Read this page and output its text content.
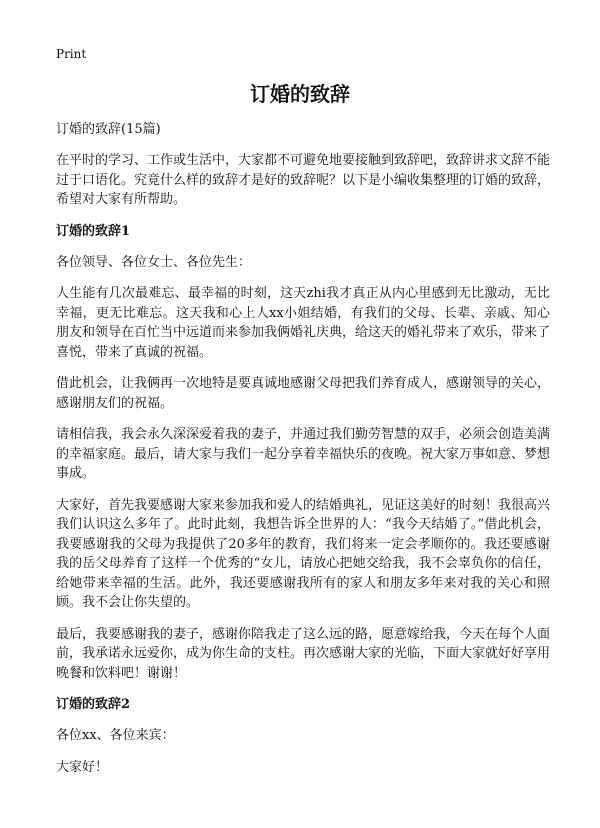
Print
订婚的致辞
订婚的致辞(15篇)

在平时的学习、工作或生活中，大家都不可避免地要接触到致辞吧，致辞讲求文辞不能过于口语化。究竟什么样的致辞才是好的致辞呢？以下是小编收集整理的订婚的致辞，希望对大家有所帮助。

订婚的致辞1

各位领导、各位女士、各位先生：

人生能有几次最难忘、最幸福的时刻，这天zhi我才真正从内心里感到无比激动，无比幸福，更无比难忘。这天我和心上人xx小姐结婚，有我们的父母、长辈、亲戚、知心朋友和领导在百忙当中远道而来参加我俩婚礼庆典，给这天的婚礼带来了欢乐，带来了喜悦，带来了真诚的祝福。

借此机会，让我俩再一次地特是要真诚地感谢父母把我们养育成人，感谢领导的关心，感谢朋友们的祝福。

请相信我，我会永久深深爱着我的妻子，并通过我们勤劳智慧的双手，必须会创造美满的幸福家庭。最后，请大家与我们一起分享着幸福快乐的夜晚。祝大家万事如意、梦想事成。

大家好，首先我要感谢大家来参加我和爱人的结婚典礼，见证这美好的时刻！我很高兴我们认识这么多年了。此时此刻，我想告诉全世界的人：“我今天结婚了。”借此机会，我要感谢我的父母为我提供了20多年的教育，我们将来一定会孝顺你的。我还要感谢我的岳父母养育了这样一个优秀的“女儿，请放心把她交给我，我不会辜负你的信任，给她带来幸福的生活。此外，我还要感谢我所有的家人和朋友多年来对我的关心和照顾。我不会让你失望的。

最后，我要感谢我的妻子，感谢你陪我走了这么远的路，愿意嫁给我，今天在每个人面前，我承诺永远爱你，成为你生命的支柱。再次感谢大家的光临，下面大家就好好享用晚餐和饮料吧！谢谢！

订婚的致辞2

各位xx、各位来宾：

大家好！
